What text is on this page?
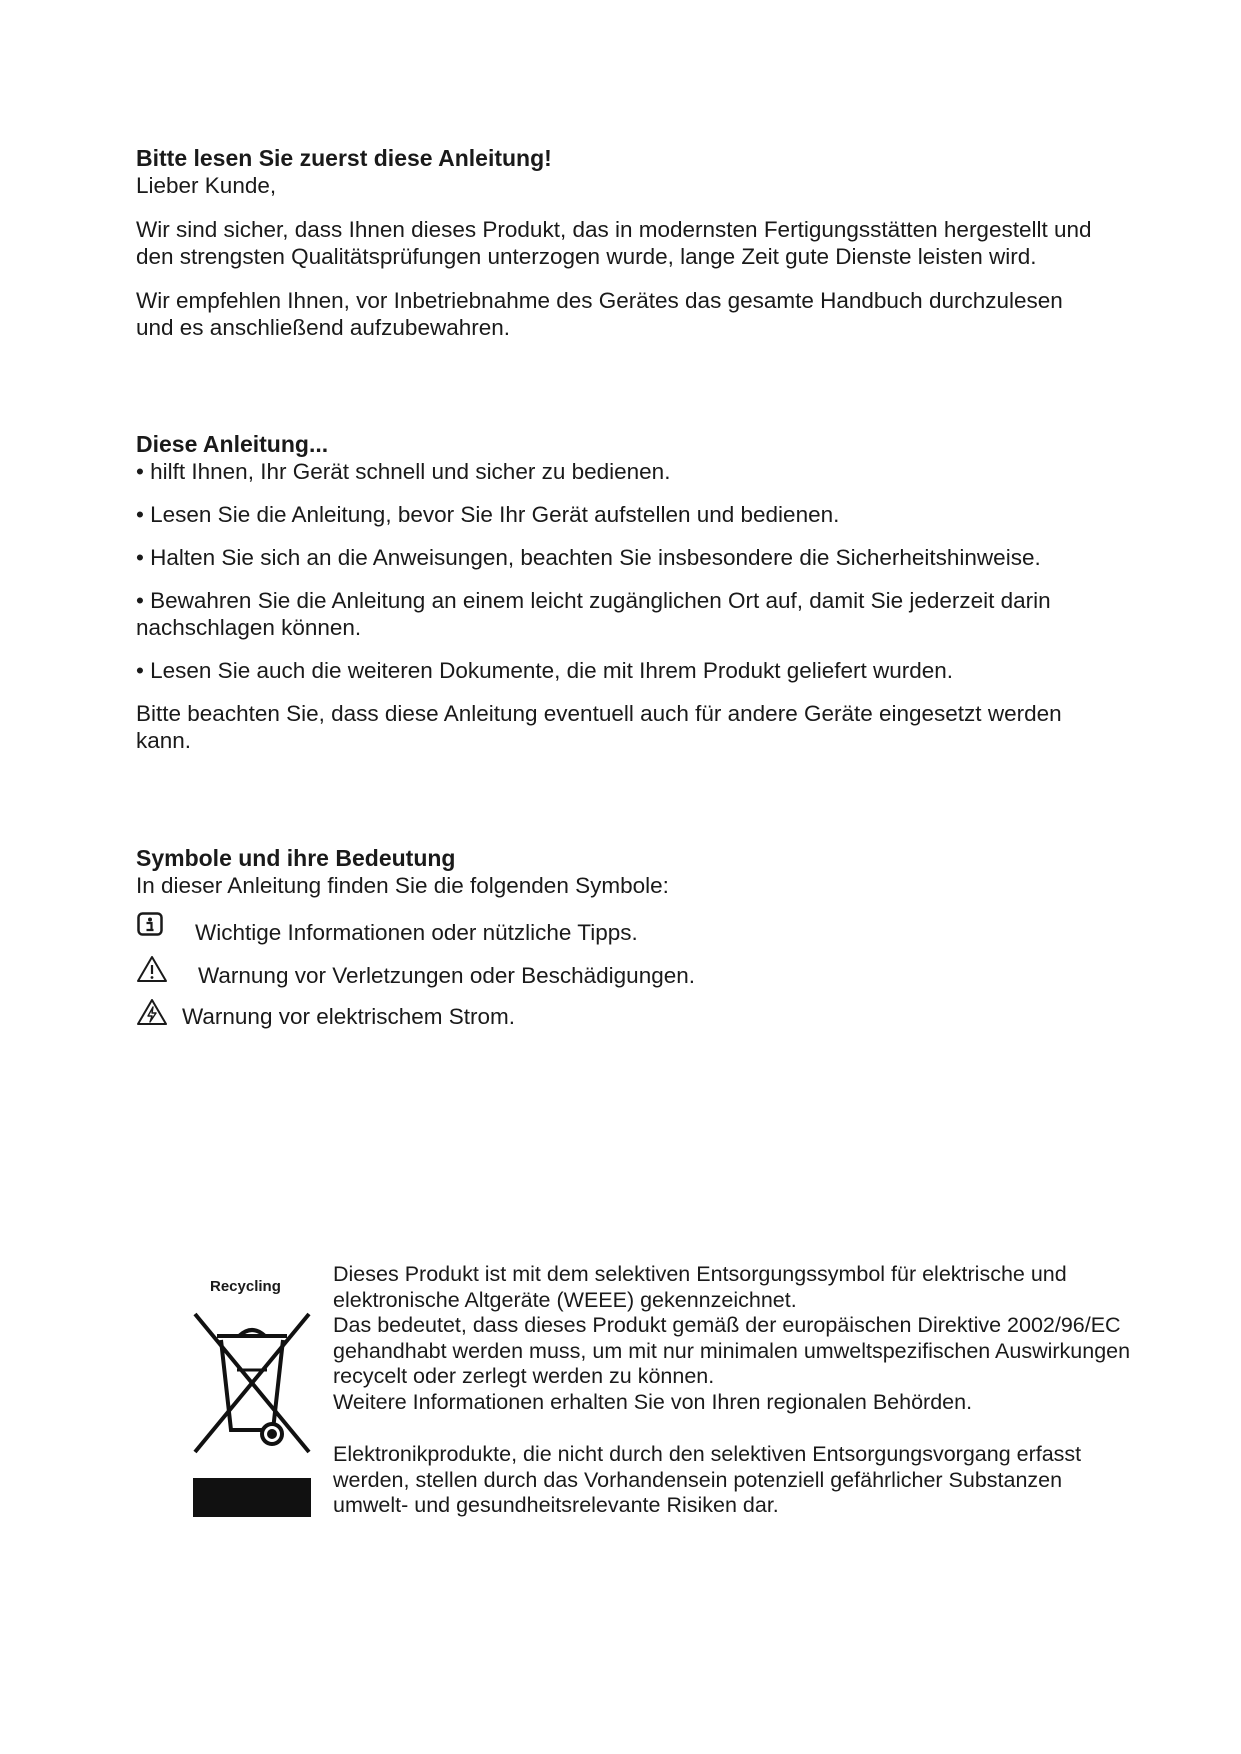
Bitte lesen Sie zuerst diese Anleitung!

Lieber Kunde,

Wir sind sicher, dass Ihnen dieses Produkt, das in modernsten Fertigungsstätten hergestellt und den strengsten Qualitätsprüfungen unterzogen wurde, lange Zeit gute Dienste leisten wird.

Wir empfehlen Ihnen, vor Inbetriebnahme des Gerätes das gesamte Handbuch durchzulesen und es anschließend aufzubewahren.

Diese Anleitung...

• hilft Ihnen, Ihr Gerät schnell und sicher zu bedienen.

• Lesen Sie die Anleitung, bevor Sie Ihr Gerät aufstellen und bedienen.

• Halten Sie sich an die Anweisungen, beachten Sie insbesondere die Sicherheitshinweise.

• Bewahren Sie die Anleitung an einem leicht zugänglichen Ort auf, damit Sie jederzeit darin nachschlagen können.

• Lesen Sie auch die weiteren Dokumente, die mit Ihrem Produkt geliefert wurden.

Bitte beachten Sie, dass diese Anleitung eventuell auch für andere Geräte eingesetzt werden kann.

Symbole und ihre Bedeutung

In dieser Anleitung finden Sie die folgenden Symbole:

Wichtige Informationen oder nützliche Tipps.
Warnung vor Verletzungen oder Beschädigungen.
Warnung vor elektrischem Strom.
Recycling

Dieses Produkt ist mit dem selektiven Entsorgungssymbol für elektrische und elektronische Altgeräte (WEEE) gekennzeichnet.

Das bedeutet, dass dieses Produkt gemäß der europäischen Direktive 2002/96/EC gehandhabt werden muss, um mit nur minimalen umweltspezifischen Auswirkungen recycelt oder zerlegt werden zu können.

Weitere Informationen erhalten Sie von Ihren regionalen Behörden.

Elektronikprodukte, die nicht durch den selektiven Entsorgungsvorgang erfasst werden, stellen durch das Vorhandensein potenziell gefährlicher Substanzen umwelt- und gesundheitsrelevante Risiken dar.
